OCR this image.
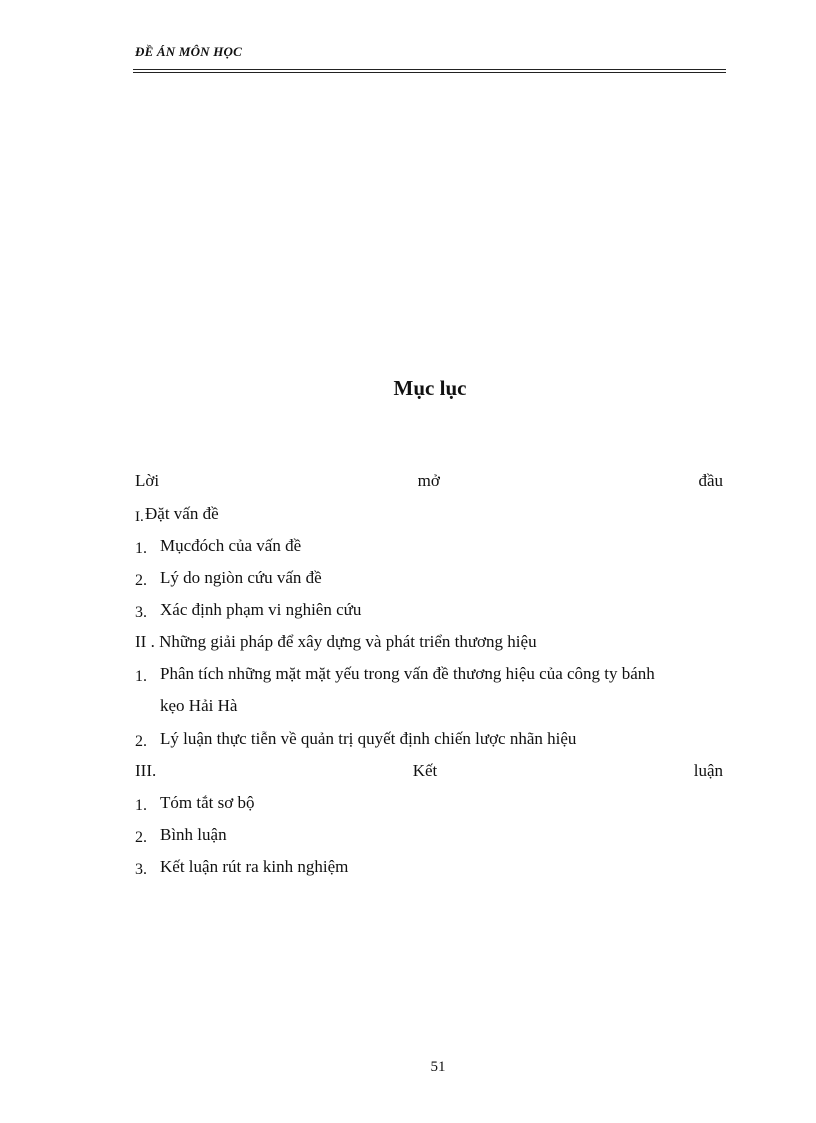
ĐỀ ÁN MÔN HỌC
Mục lục
Lời	mở	đầu
I. Đặt vấn đề
1. Mụcđóch của vấn đề
2. Lý do ngiòn cứu vấn đề
3. Xác định phạm vi nghiên cứu
II . Những giải pháp để xây dựng và phát triển thương hiệu
1. Phân tích những mặt mặt yếu trong vấn đề thương hiệu của công ty bánh
kẹo Hải Hà
2. Lý luận thực tiễn về quản trị quyết định chiến lược nhãn hiệu
III.	Kết	luận
1. Tóm tắt sơ bộ
2. Bình luận
3. Kết luận rút ra kinh nghiệm
51
